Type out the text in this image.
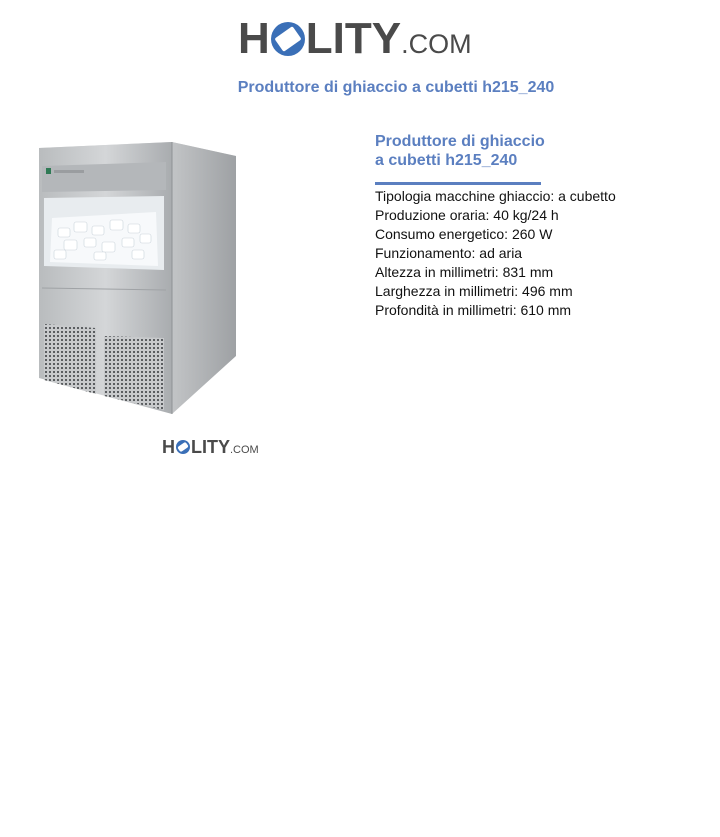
H LITY.COM
Produttore di ghiaccio a cubetti h215_240
H LITY.COM
Produttore di ghiaccio
a cubetti h215_240
Tipologia macchine ghiaccio: a cubetto
Produzione oraria: 40 kg/24 h
Consumo energetico: 260 W
Funzionamento: ad aria
Altezza in millimetri: 831 mm
Larghezza in millimetri: 496 mm
Profondità in millimetri: 610 mm
